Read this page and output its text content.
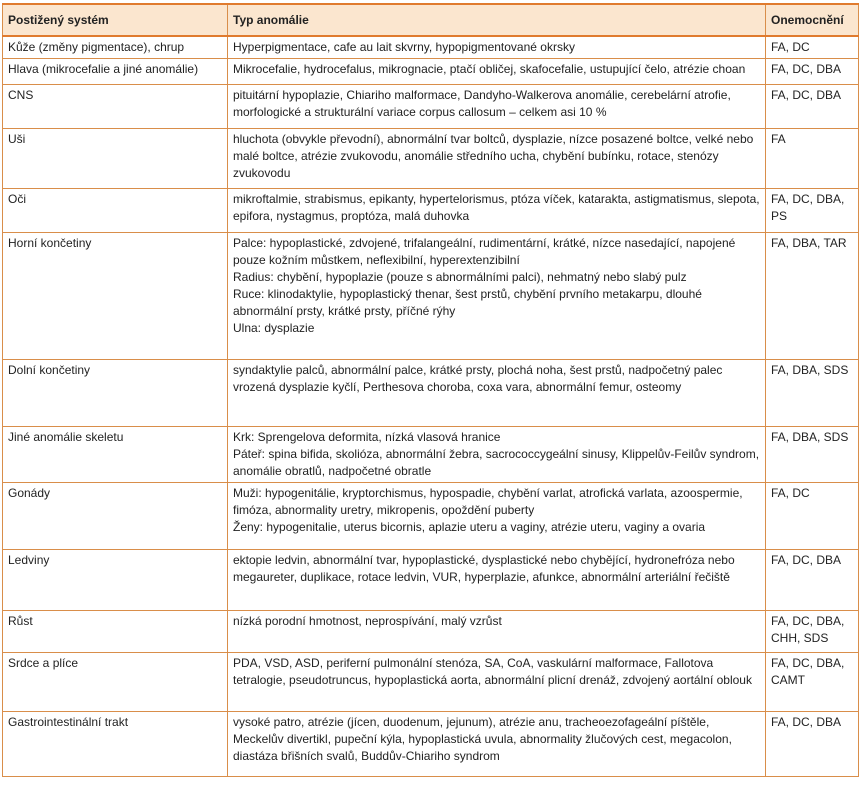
Postižený systém	Typ anomálie	Onemocnění
Kůže (změny pigmentace), chrup	Hyperpigmentace, cafe au lait skvrny, hypopigmentované okrsky	FA, DC

Hlava (mikrocefalie a jiné anomálie)	Mikrocefalie, hydrocefalus, mikrognacie, ptačí obličej, skafocefalie, ustupující čelo, atrézie choan	FA, DC, DBA

CNS	pituitární hypoplazie, Chiariho malformace, Dandyho-Walkerova anomálie, cerebelární atrofie, morfologické a strukturální variace corpus callosum – celkem asi 10 %	FA, DC, DBA

Uši	hluchota (obvykle převodní), abnormální tvar boltců, dysplazie, nízce posazené boltce, velké nebo malé boltce, atrézie zvukovodu, anomálie středního ucha, chybění bubínku, rotace, stenózy zvukovodu	FA

Oči	mikroftalmie, strabismus, epikanty, hypertelorismus, ptóza víček, katarakta, astigmatismus, slepota, epifora, nystagmus, proptóza, malá duhovka	FA, DC, DBA, PS

Horní končetiny	Palce: hypoplastické, zdvojené, trifalangeální, rudimentární, krátké, nízce nasedající, napojené pouze kožním můstkem, neflexibilní, hyperextenzibilní
Radius: chybění, hypoplazie (pouze s abnormálními palci), nehmatný nebo slabý pulz
Ruce: klinodaktylie, hypoplastický thenar, šest prstů, chybění prvního metakarpu, dlouhé abnormální prsty, krátké prsty, příčné rýhy
Ulna: dysplazie	FA, DBA, TAR

Dolní končetiny	syndaktylie palců, abnormální palce, krátké prsty, plochá noha, šest prstů, nadpočetný palec
vrozená dysplazie kyčlí, Perthesova choroba, coxa vara, abnormální femur, osteomy	FA, DBA, SDS

Jiné anomálie skeletu	Krk: Sprengelova deformita, nízká vlasová hranice
Páteř: spina bifida, skolióza, abnormální žebra, sacrococcygeální sinusy, Klippelův-Feilův syndrom, anomálie obratlů, nadpočetné obratle	FA, DBA, SDS

Gonády	Muži: hypogenitálie, kryptorchismus, hypospadie, chybění varlat, atrofická varlata, azoospermie, fimóza, abnormality uretry, mikropenis, opoždění puberty
Ženy: hypogenitalie, uterus bicornis, aplazie uteru a vaginy, atrézie uteru, vaginy a ovaria	FA, DC

Ledviny	ektopie ledvin, abnormální tvar, hypoplastické, dysplastické nebo chybějící, hydronefróza nebo megaureter, duplikace, rotace ledvin, VUR, hyperplazie, afunkce, abnormální arteriální řečiště	FA, DC, DBA

Růst	nízká porodní hmotnost, neprospívání, malý vzrůst	FA, DC, DBA,
CHH, SDS

Srdce a plíce	PDA, VSD, ASD, periferní pulmonální stenóza, SA, CoA, vaskulární malformace, Fallotova tetralogie, pseudotruncus, hypoplastická aorta, abnormální plicní drenáž, zdvojený aortální oblouk	FA, DC, DBA,
CAMT

Gastrointestinální trakt	vysoké patro, atrézie (jícen, duodenum, jejunum), atrézie anu, tracheoezofageální píštěle, Meckelův divertikl, pupeční kýla, hypoplastická uvula, abnormality žlučových cest, megacolon, diastáza břišních svalů, Buddův-Chiariho syndrom	FA, DC, DBA
